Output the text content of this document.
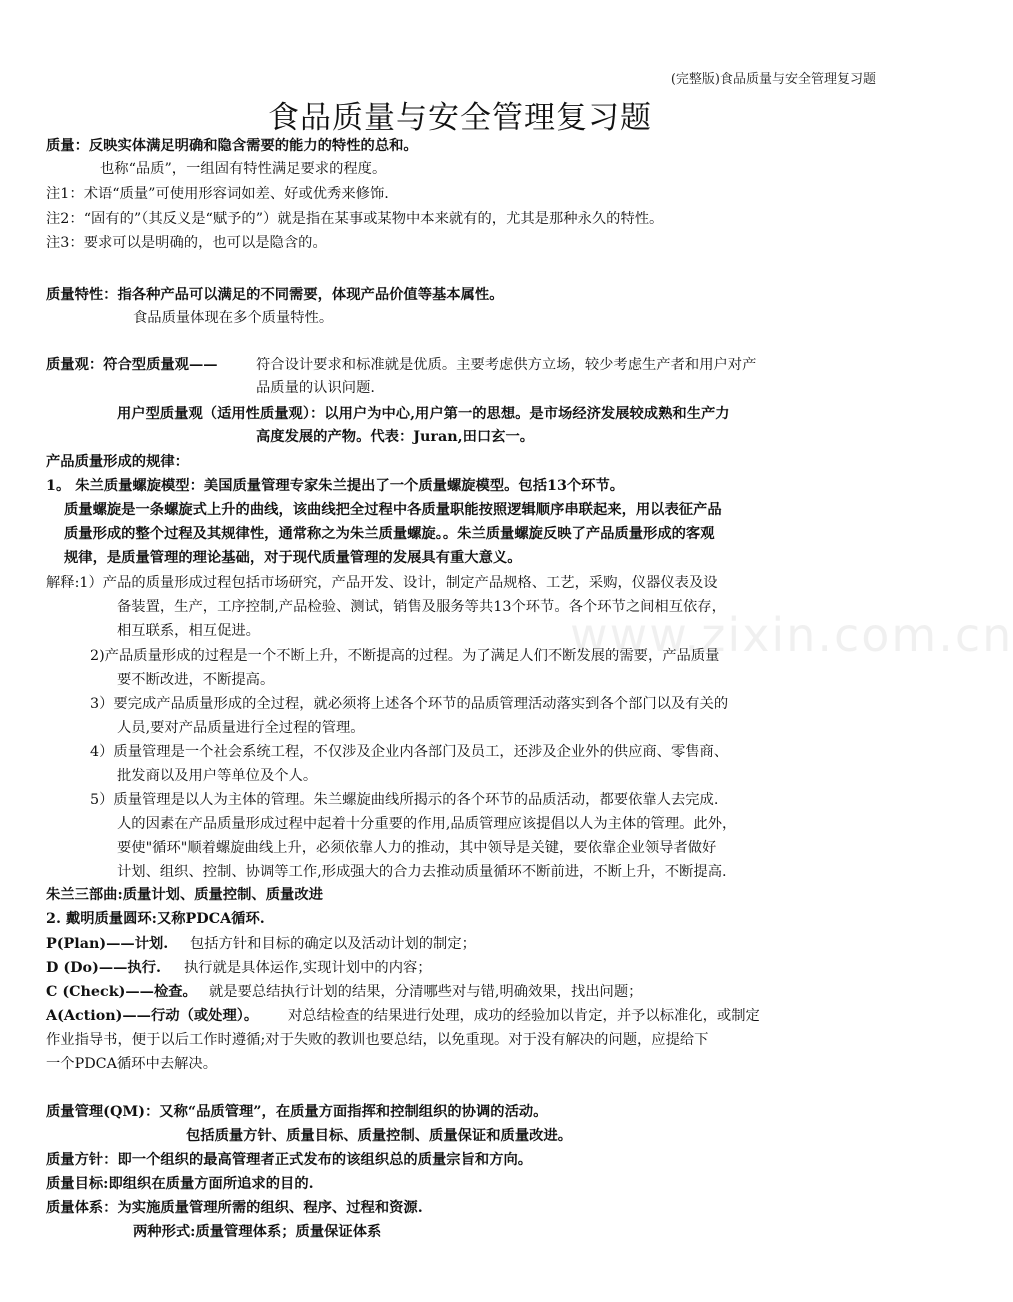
(完整版)食品质量与安全管理复习题
食品质量与安全管理复习题
www.zixin.com.cn
质量：反映实体满足明确和隐含需要的能力的特性的总和。
也称“品质”，一组固有特性满足要求的程度。
注1：术语“质量”可使用形容词如差、好或优秀来修饰.
注2：“固有的”（其反义是“赋予的”）就是指在某事或某物中本来就有的，尤其是那种永久的特性。
注3：要求可以是明确的，也可以是隐含的。
质量特性：指各种产品可以满足的不同需要，体现产品价值等基本属性。
食品质量体现在多个质量特性。
质量观：符合型质量观——	符合设计要求和标准就是优质。主要考虑供方立场，较少考虑生产者和用户对产
品质量的认识问题.
用户型质量观（适用性质量观）：以用户为中心,用户第一的思想。是市场经济发展较成熟和生产力
高度发展的产物。代表：Juran,田口玄一。
产品质量形成的规律：
1。 朱兰质量螺旋模型：美国质量管理专家朱兰提出了一个质量螺旋模型。包括13个环节。
质量螺旋是一条螺旋式上升的曲线，该曲线把全过程中各质量职能按照逻辑顺序串联起来，用以表征产品
质量形成的整个过程及其规律性，通常称之为朱兰质量螺旋。。朱兰质量螺旋反映了产品质量形成的客观
规律，是质量管理的理论基础，对于现代质量管理的发展具有重大意义。
解释:1）产品的质量形成过程包括市场研究，产品开发、设计，制定产品规格、工艺，采购，仪器仪表及设
备装置，生产，工序控制,产品检验、测试，销售及服务等共13个环节。各个环节之间相互依存，
相互联系，相互促进。
2)产品质量形成的过程是一个不断上升，不断提高的过程。为了满足人们不断发展的需要，产品质量
要不断改进，不断提高。
3）要完成产品质量形成的全过程，就必须将上述各个环节的品质管理活动落实到各个部门以及有关的
人员,要对产品质量进行全过程的管理。
4）质量管理是一个社会系统工程，不仅涉及企业内各部门及员工，还涉及企业外的供应商、零售商、
批发商以及用户等单位及个人。
5）质量管理是以人为主体的管理。朱兰螺旋曲线所揭示的各个环节的品质活动，都要依靠人去完成.
人的因素在产品质量形成过程中起着十分重要的作用,品质管理应该提倡以人为主体的管理。此外，
要使"循环"顺着螺旋曲线上升，必须依靠人力的推动，其中领导是关键，要依靠企业领导者做好
计划、组织、控制、协调等工作,形成强大的合力去推动质量循环不断前进，不断上升，不断提高.
朱兰三部曲:质量计划、质量控制、质量改进
2. 戴明质量圆环:又称PDCA循环.
P(Plan)——计划. 包括方针和目标的确定以及活动计划的制定；
D (Do)——执行. 执行就是具体运作,实现计划中的内容；
C (Check)——检查。 就是要总结执行计划的结果，分清哪些对与错,明确效果，找出问题；
A(Action)——行动（或处理）。 对总结检查的结果进行处理，成功的经验加以肯定，并予以标准化，或制定
作业指导书，便于以后工作时遵循;对于失败的教训也要总结，以免重现。对于没有解决的问题，应提给下
一个PDCA循环中去解决。
质量管理(QM)：又称“品质管理”，在质量方面指挥和控制组织的协调的活动。
包括质量方针、质量目标、质量控制、质量保证和质量改进。
质量方针：即一个组织的最高管理者正式发布的该组织总的质量宗旨和方向。
质量目标:即组织在质量方面所追求的目的.
质量体系：为实施质量管理所需的组织、程序、过程和资源.
两种形式:质量管理体系；质量保证体系
